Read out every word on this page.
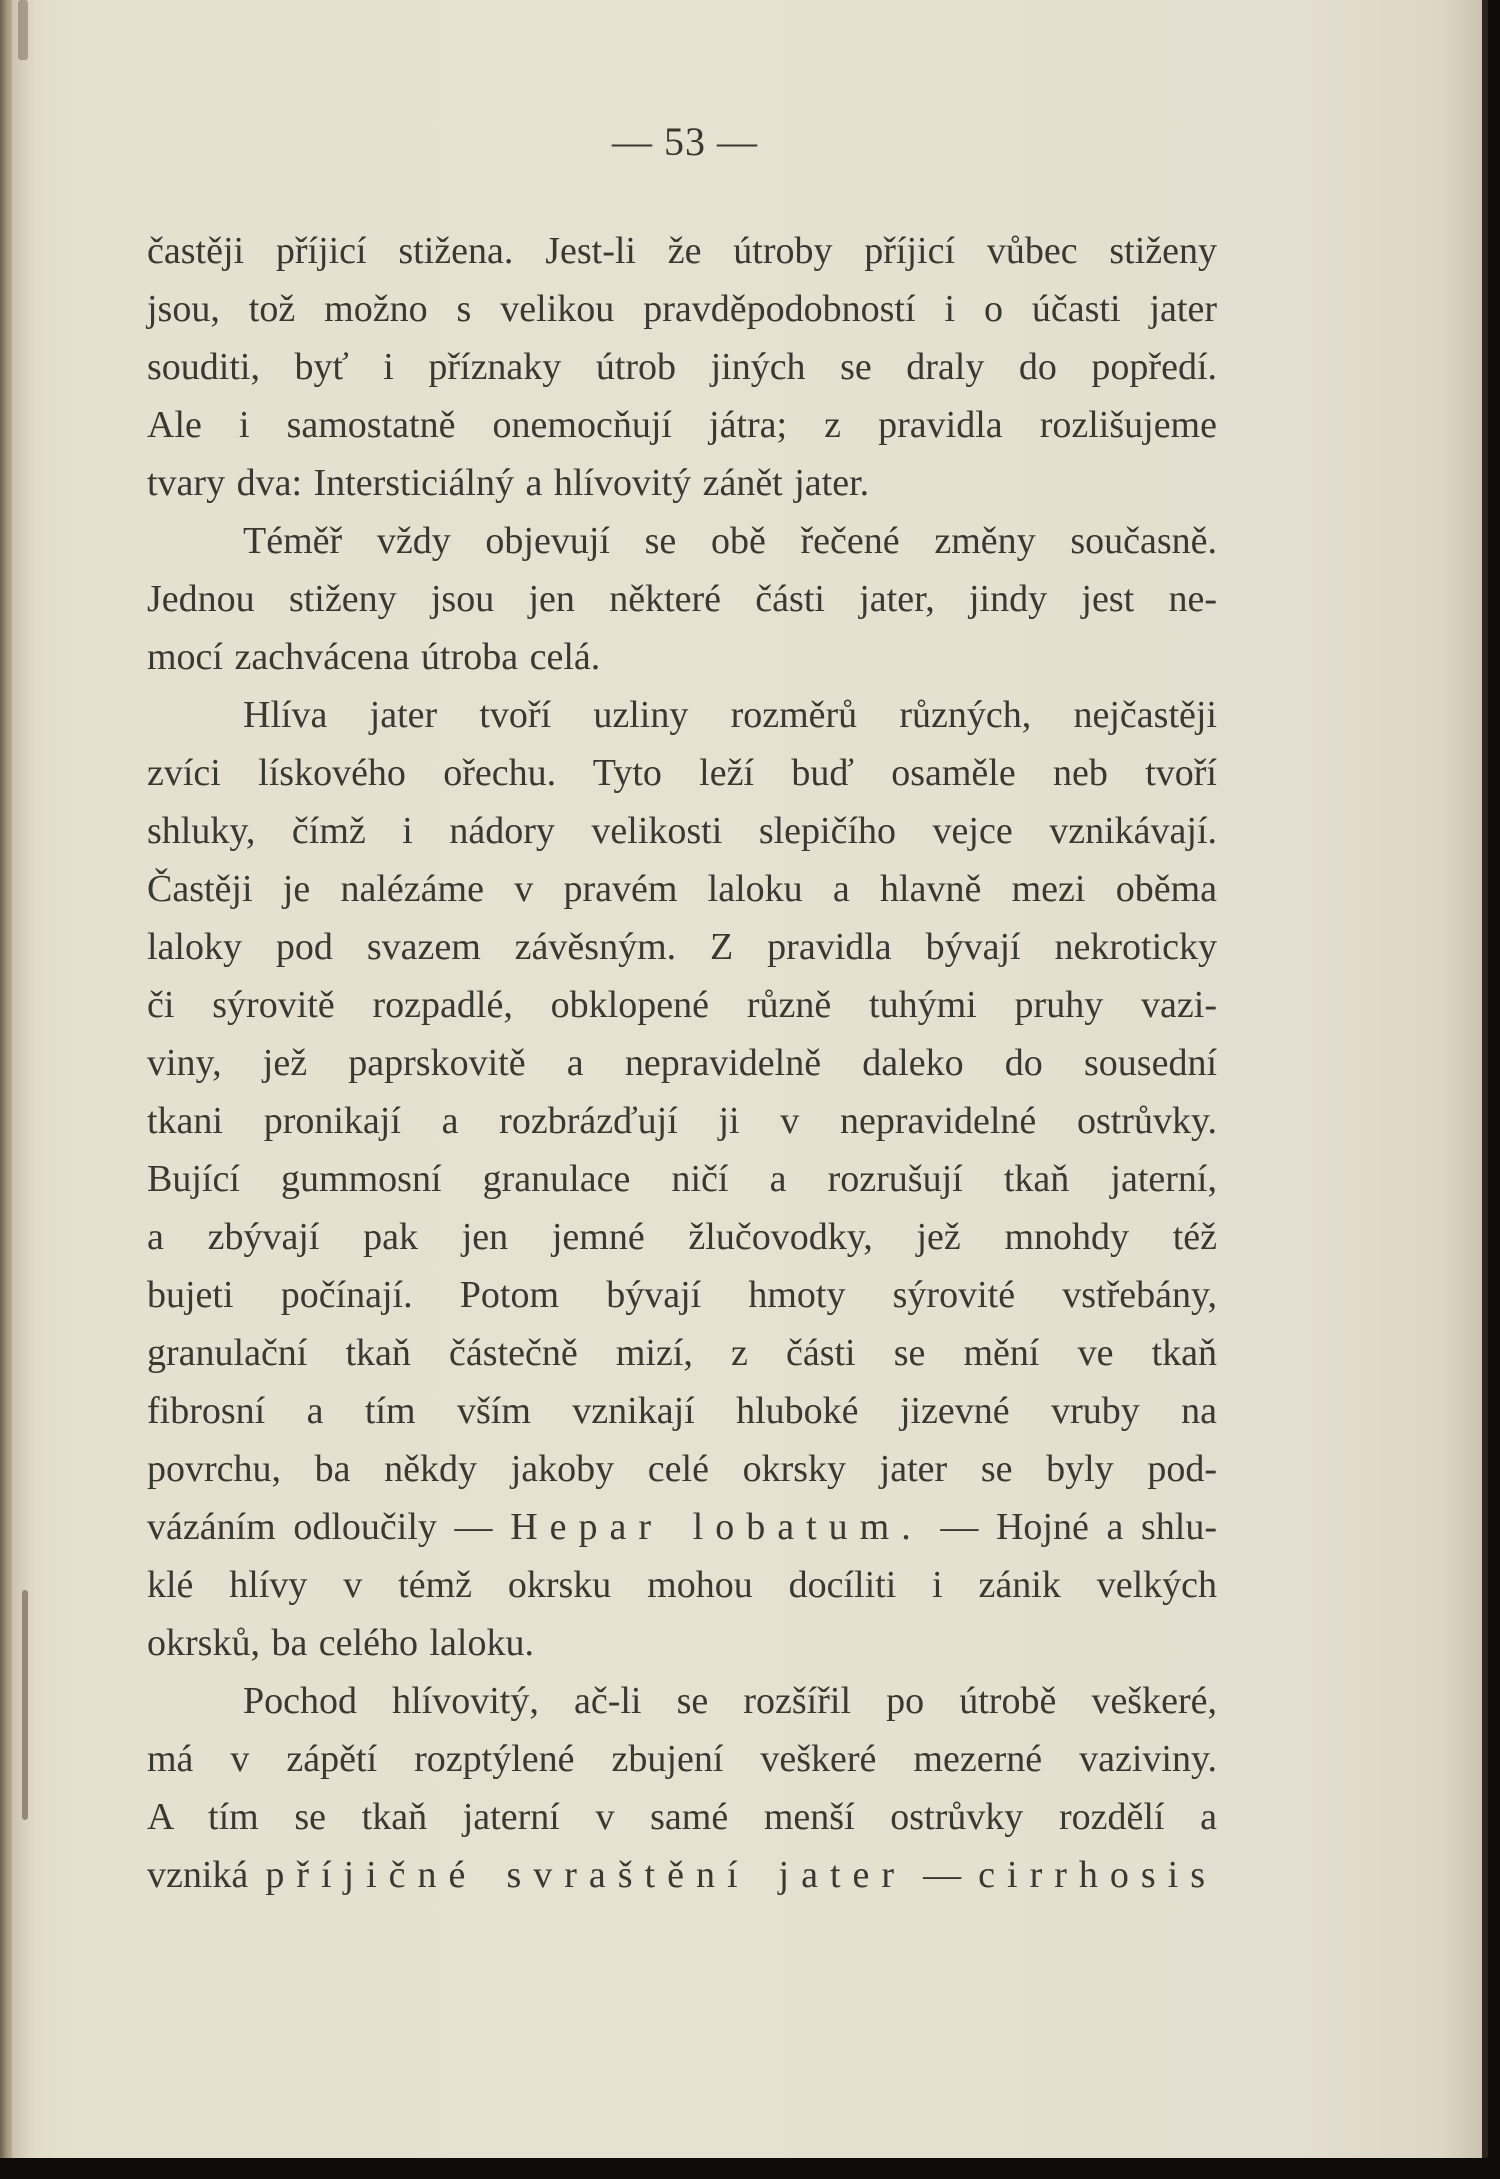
— 53 —
častěji příjicí stižena. Jest-li že útroby příjicí vůbec stiženy
jsou, tož možno s velikou pravděpodobností i o účasti jater
souditi, byť i příznaky útrob jiných se draly do popředí.
Ale i samostatně onemocňují játra; z pravidla rozlišujeme
tvary dva: Intersticiálný a hlívovitý zánět jater.
Téměř vždy objevují se obě řečené změny současně.
Jednou stiženy jsou jen některé části jater, jindy jest ne-
mocí zachvácena útroba celá.
Hlíva jater tvoří uzliny rozměrů různých, nejčastěji
zvíci lískového ořechu. Tyto leží buď osaměle neb tvoří
shluky, čímž i nádory velikosti slepičího vejce vznikávají.
Častěji je nalézáme v pravém laloku a hlavně mezi oběma
laloky pod svazem závěsným. Z pravidla bývají nekroticky
či sýrovitě rozpadlé, obklopené různě tuhými pruhy vazi-
viny, jež paprskovitě a nepravidelně daleko do sousední
tkani pronikají a rozbrázďují ji v nepravidelné ostrůvky.
Bující gummosní granulace ničí a rozrušují tkaň jaterní,
a zbývají pak jen jemné žlučovodky, jež mnohdy též
bujeti počínají. Potom bývají hmoty sýrovité vstřebány,
granulační tkaň částečně mizí, z části se mění ve tkaň
fibrosní a tím vším vznikají hluboké jizevné vruby na
povrchu, ba někdy jakoby celé okrsky jater se byly pod-
vázáním odloučily — Hepar lobatum. — Hojné a shlu-
klé hlívy v témž okrsku mohou docíliti i zánik velkých
okrsků, ba celého laloku.
Pochod hlívovitý, ač-li se rozšířil po útrobě veškeré,
má v zápětí rozptýlené zbujení veškeré mezerné vaziviny.
A tím se tkaň jaterní v samé menší ostrůvky rozdělí a
vzniká příjičné svraštění jater — cirrhosis
